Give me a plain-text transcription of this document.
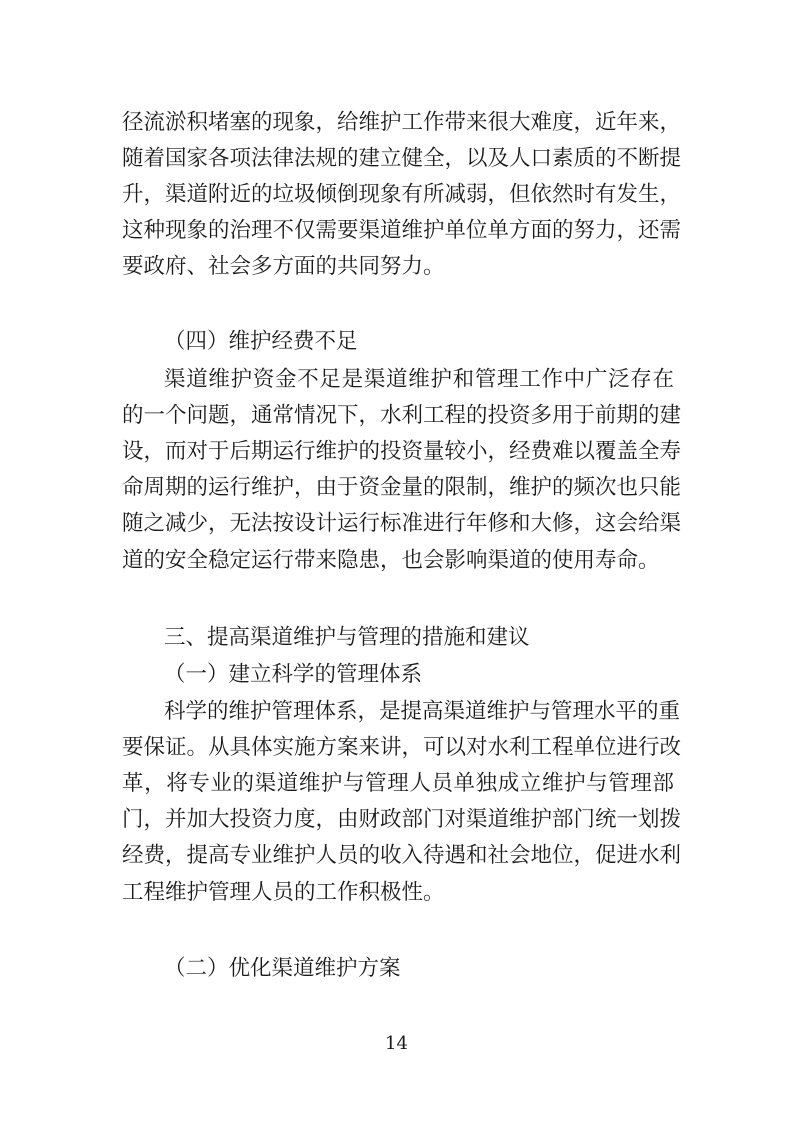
径流淤积堵塞的现象，给维护工作带来很大难度，近年来，
随着国家各项法律法规的建立健全，以及人口素质的不断提
升，渠道附近的垃圾倾倒现象有所减弱，但依然时有发生，
这种现象的治理不仅需要渠道维护单位单方面的努力，还需
要政府、社会多方面的共同努力。
（四）维护经费不足
渠道维护资金不足是渠道维护和管理工作中广泛存在
的一个问题，通常情况下，水利工程的投资多用于前期的建
设，而对于后期运行维护的投资量较小，经费难以覆盖全寿
命周期的运行维护，由于资金量的限制，维护的频次也只能
随之减少，无法按设计运行标准进行年修和大修，这会给渠
道的安全稳定运行带来隐患，也会影响渠道的使用寿命。
三、提高渠道维护与管理的措施和建议
（一）建立科学的管理体系
科学的维护管理体系，是提高渠道维护与管理水平的重
要保证。从具体实施方案来讲，可以对水利工程单位进行改
革，将专业的渠道维护与管理人员单独成立维护与管理部
门，并加大投资力度，由财政部门对渠道维护部门统一划拨
经费，提高专业维护人员的收入待遇和社会地位，促进水利
工程维护管理人员的工作积极性。
（二）优化渠道维护方案
14
